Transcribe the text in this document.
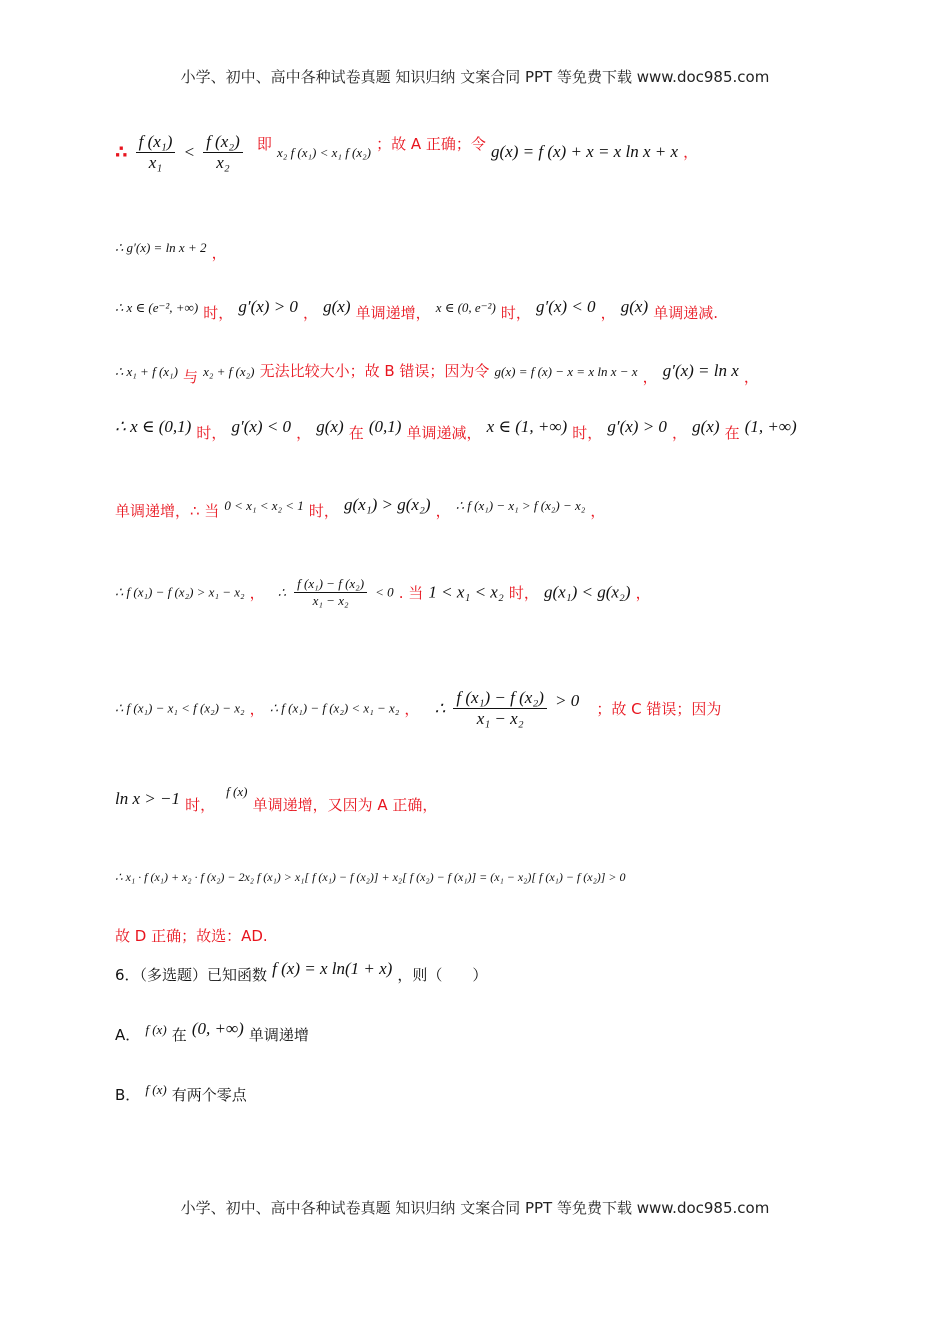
小学、初中、高中各种试卷真题 知识归纳 文案合同 PPT 等免费下载 www.doc985.com
∴ $\frac{\text{f (x₁)}}{\text{x₁}} < \frac{\text{f (x₂)}}{\text{x₂}}$ 即 x₂ f (x₁) < x₁ f (x₂) ；故 A 正确；令 g(x) = f (x) + x = x ln x + x ，
∴ g′(x) = ln x + 2 ，
∴ x ∈ (e⁻², +∞) 时， g′(x) > 0 ， g(x) 单调递增， x ∈ (0, e⁻²) 时， g′(x) < 0 ， g(x) 单调递减.
∴ x₁ + f (x₁) 与 x₂ + f (x₂) 无法比较大小；故 B 错误；因为令 g(x) = f (x) − x = x ln x − x ， g′(x) = ln x ，
∴ x ∈ (0,1) 时， g′(x) < 0 ， g(x) 在 (0,1) 单调递减， x ∈ (1, +∞) 时， g′(x) > 0 ， g(x) 在 (1, +∞)
单调递增，∴ 当 0 < x₁ < x₂ < 1 时， g(x₁) > g(x₂) ， ∴ f (x₁) − x₁ > f (x₂) − x₂ ，
∴ f (x₁) − f (x₂) > x₁ − x₂ ， ∴ $\frac{\text{f (x₁) − f (x₂)}}{\text{x₁ − x₂}} < 0$ . 当 1 < x₁ < x₂ 时， g(x₁) < g(x₂) ，
∴ f (x₁) − x₁ < f (x₂) − x₂ ， ∴ f (x₁) − f (x₂) < x₁ − x₂ ， ∴ $\frac{\text{f (x₁) − f (x₂)}}{\text{x₁ − x₂}} > 0$ ；故 C 错误；因为
ln x > −1 时， $^{f (x)}$ 单调递增，又因为 A 正确，
∴ x₁ · f (x₁) + x₂ · f (x₂) − 2x₂ f (x₁) > x₁[ f (x₁) − f (x₂)] + x₂[ f (x₂) − f (x₁)] = (x₁ − x₂)[ f (x₁) − f (x₂)] > 0
故 D 正确；故选：AD.
6．（多选题）已知函数 f (x) = x ln(1 + x) ，则（　　）
A． f (x) 在 (0, +∞) 单调递增
B． f (x) 有两个零点
小学、初中、高中各种试卷真题 知识归纳 文案合同 PPT 等免费下载 www.doc985.com
